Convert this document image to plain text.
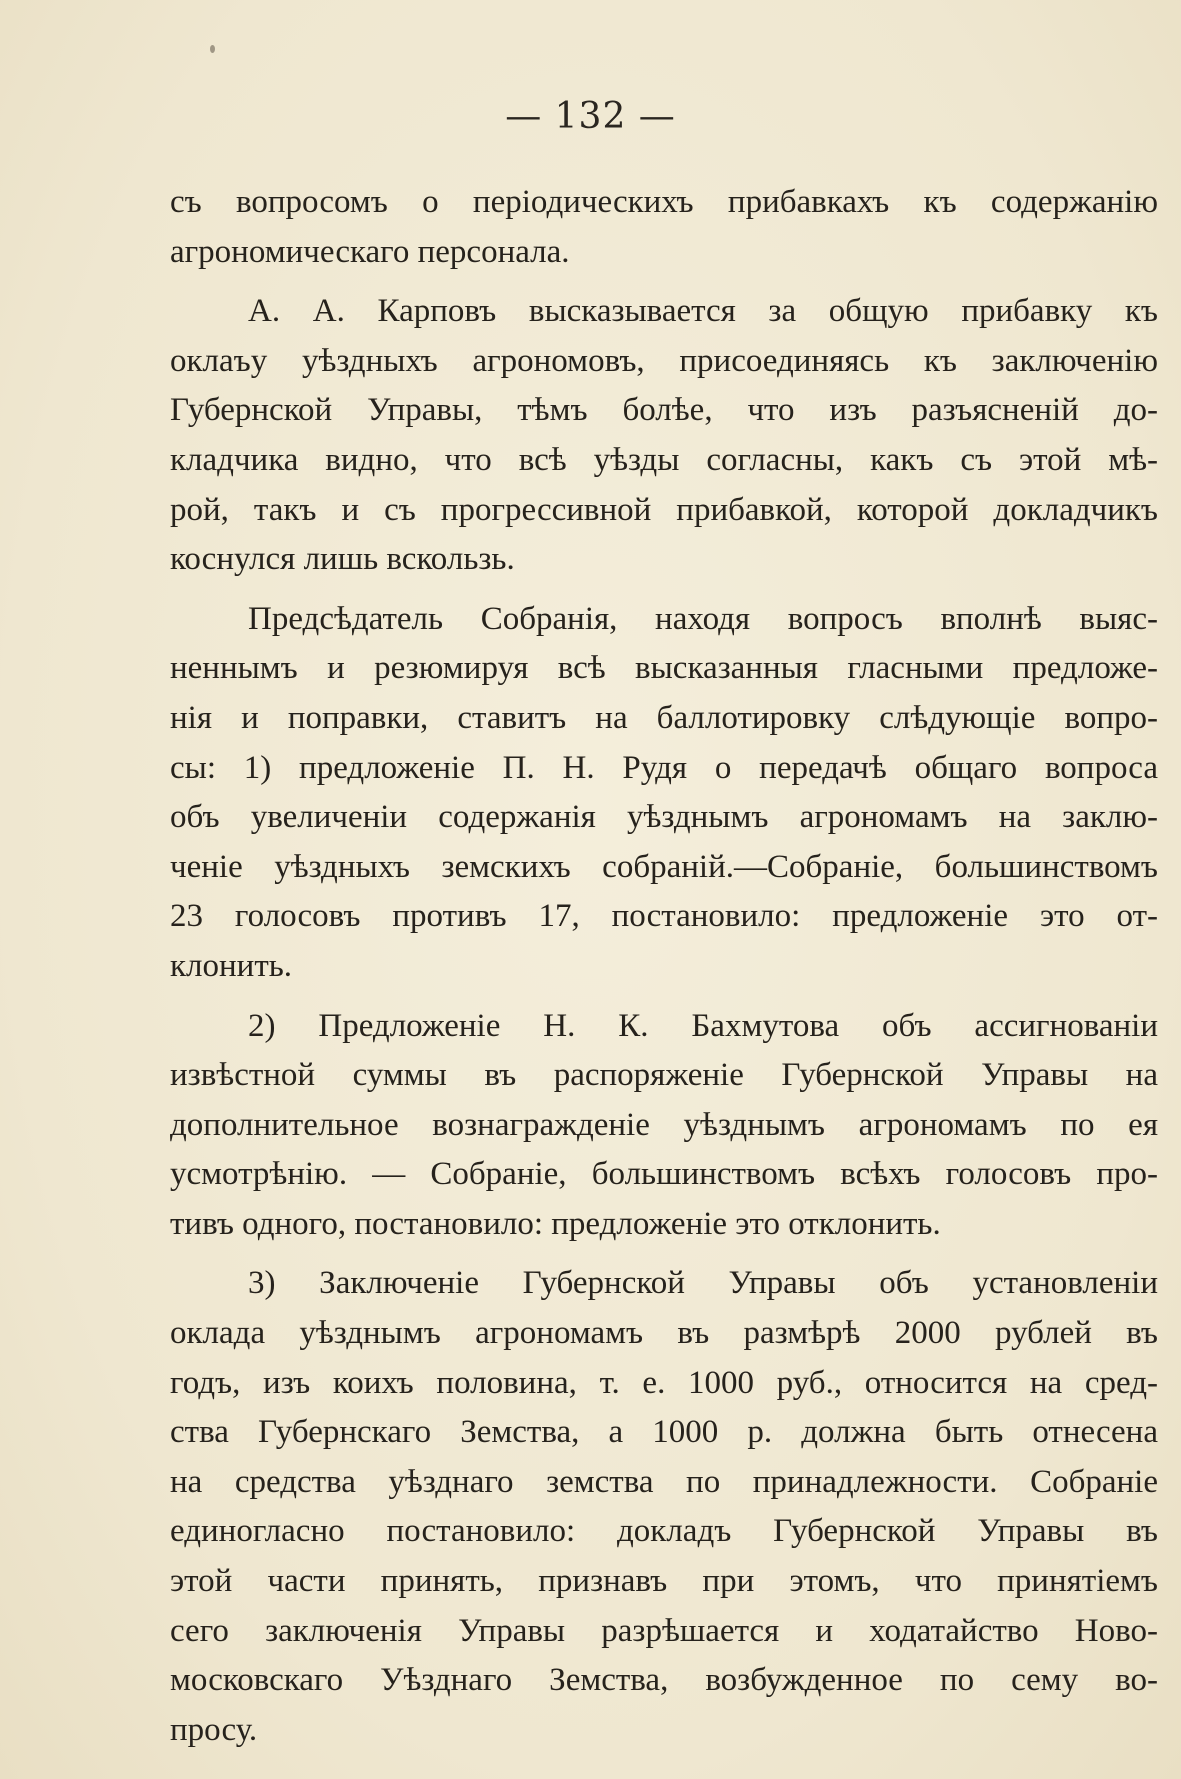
— 132 —
съ вопросомъ о періодическихъ прибавкахъ къ содержанію
агрономическаго персонала.
А. А. Карповъ высказывается за общую прибавку къ
оклаъу уѣздныхъ агрономовъ, присоединяясь къ заключенію
Губернской Управы, тѣмъ болѣе, что изъ разъясненій до-
кладчика видно, что всѣ уѣзды согласны, какъ съ этой мѣ-
рой, такъ и съ прогрессивной прибавкой, которой докладчикъ
коснулся лишь вскользь.
Предсѣдатель Собранія, находя вопросъ вполнѣ выяс-
неннымъ и резюмируя всѣ высказанныя гласными предложе-
нія и поправки, ставитъ на баллотировку слѣдующіе вопро-
сы: 1) предложеніе П. Н. Рудя о передачѣ общаго вопроса
объ увеличеніи содержанія уѣзднымъ агрономамъ на заклю-
ченіе уѣздныхъ земскихъ собраній.—Собраніе, большинствомъ
23 голосовъ противъ 17, постановило: предложеніе это от-
клонить.
2) Предложеніе Н. К. Бахмутова объ ассигнованіи
извѣстной суммы въ распоряженіе Губернской Управы на
дополнительное вознагражденіе уѣзднымъ агрономамъ по ея
усмотрѣнію. — Собраніе, большинствомъ всѣхъ голосовъ про-
тивъ одного, постановило: предложеніе это отклонить.
3) Заключеніе Губернской Управы объ установленіи
оклада уѣзднымъ агрономамъ въ размѣрѣ 2000 рублей въ
годъ, изъ коихъ половина, т. е. 1000 руб., относится на сред-
ства Губернскаго Земства, а 1000 р. должна быть отнесена
на средства уѣзднаго земства по принадлежности. Собраніе
единогласно постановило: докладъ Губернской Управы въ
этой части принять, признавъ при этомъ, что принятіемъ
сего заключенія Управы разрѣшается и ходатайство Ново-
московскаго Уѣзднаго Земства, возбужденное по сему во-
просу.
